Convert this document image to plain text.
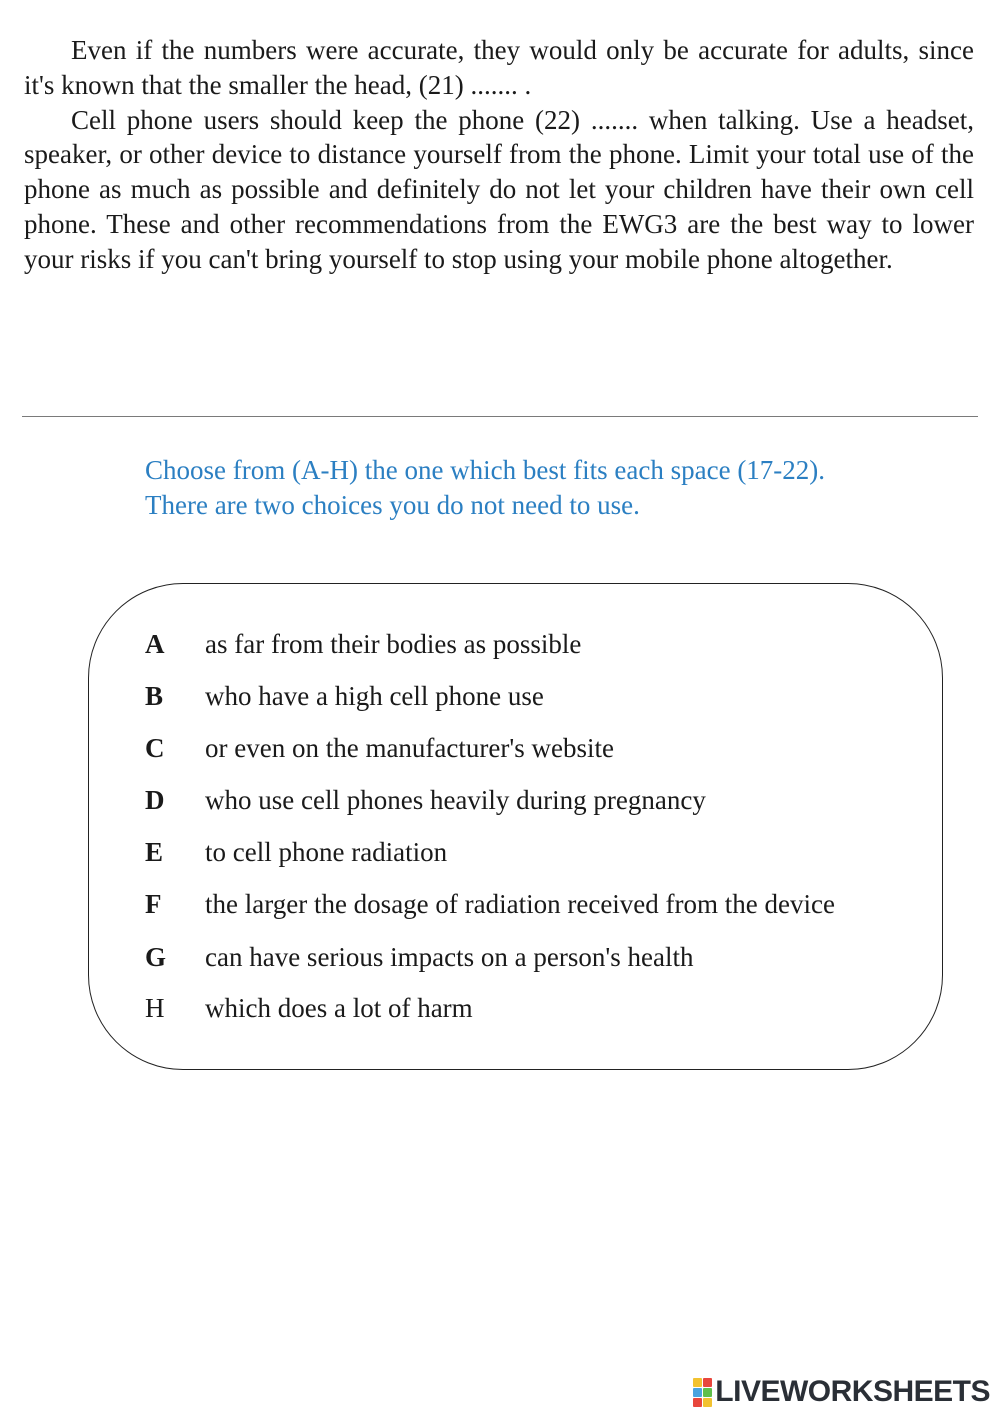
Even if the numbers were accurate, they would only be accurate for adults, since it's known that the smaller the head, (21) ....... .

Cell phone users should keep the phone (22) ....... when talking. Use a headset, speaker, or other device to distance yourself from the phone. Limit your total use of the phone as much as possible and definitely do not let your children have their own cell phone. These and other recommendations from the EWG3 are the best way to lower your risks if you can't bring yourself to stop using your mobile phone altogether.

Choose from (A-H) the one which best fits each space (17-22).
There are two choices you do not need to use.
A as far from their bodies as possible
B who have a high cell phone use
C or even on the manufacturer's website
D who use cell phones heavily during pregnancy
E to cell phone radiation
F the larger the dosage of radiation received from the device
G can have serious impacts on a person's health
H which does a lot of harm
LIVEWORKSHEETS
